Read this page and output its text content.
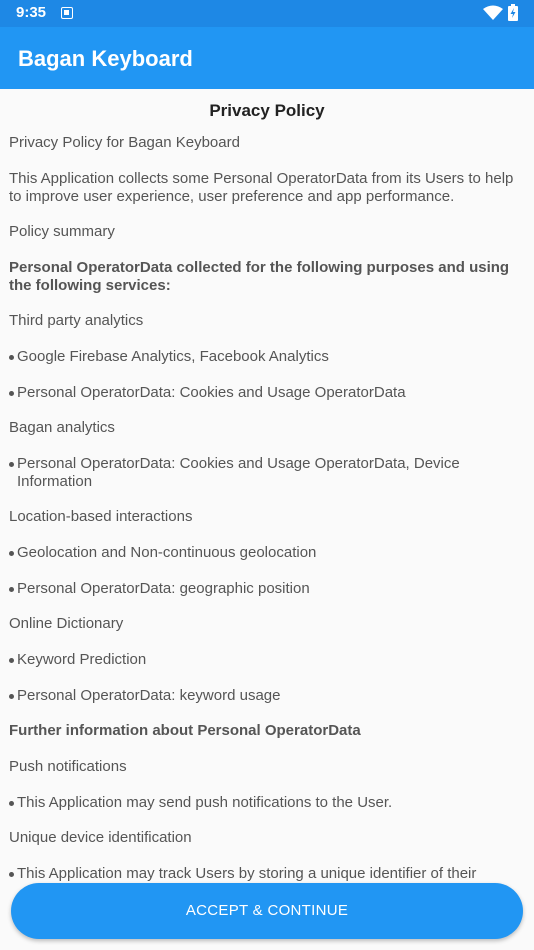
9:35
Bagan Keyboard
Privacy Policy
Privacy Policy for Bagan Keyboard
This Application collects some Personal OperatorData from its Users to help to improve user experience, user preference and app performance.
Policy summary
Personal OperatorData collected for the following purposes and using the following services:
Third party analytics
Google Firebase Analytics, Facebook Analytics
Personal OperatorData: Cookies and Usage OperatorData
Bagan analytics
Personal OperatorData: Cookies and Usage OperatorData, Device Information
Location-based interactions
Geolocation and Non-continuous geolocation
Personal OperatorData: geographic position
Online Dictionary
Keyword Prediction
Personal OperatorData: keyword usage
Further information about Personal OperatorData
Push notifications
This Application may send push notifications to the User.
Unique device identification
This Application may track Users by storing a unique identifier of their
ACCEPT & CONTINUE
